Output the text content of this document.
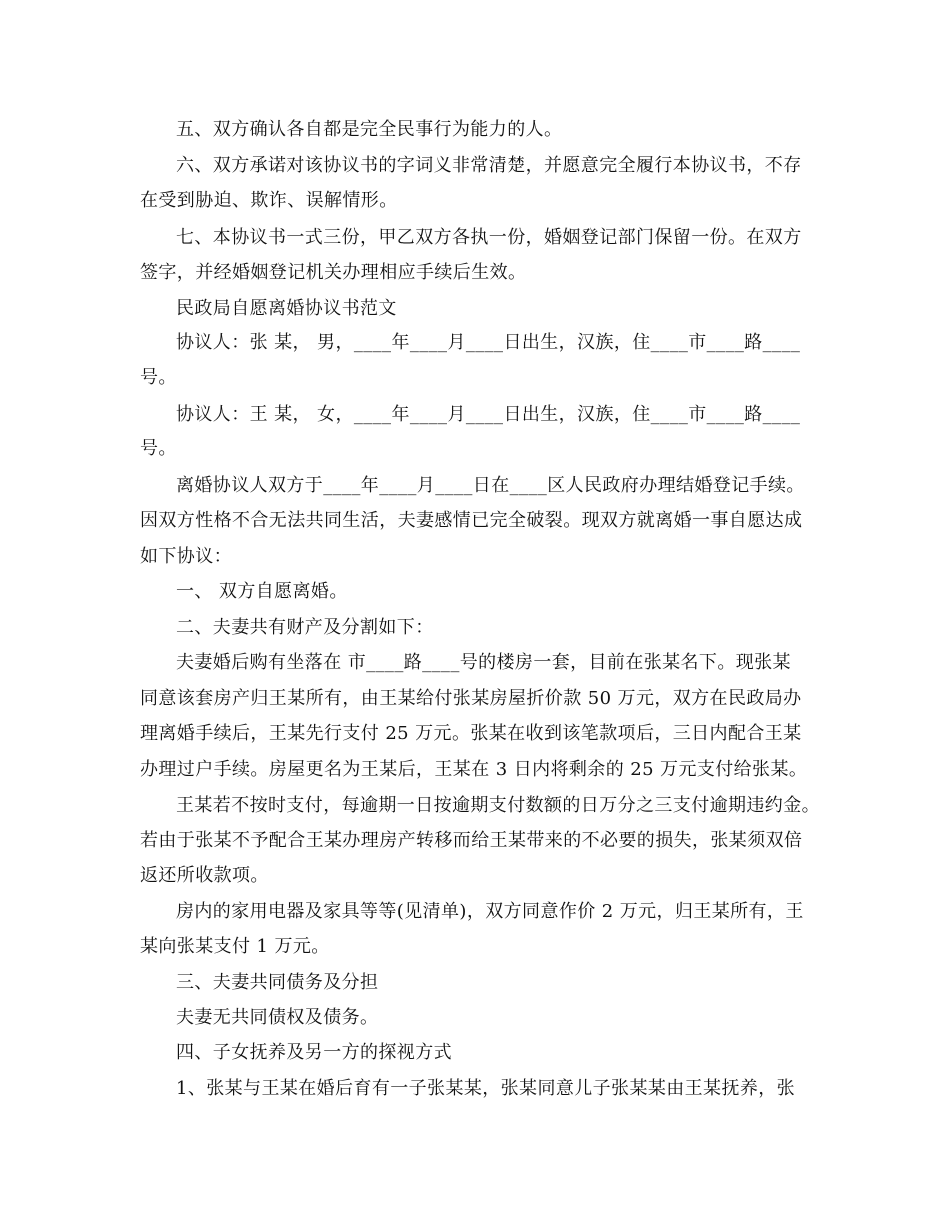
五、双方确认各自都是完全民事行为能力的人。
六、双方承诺对该协议书的字词义非常清楚，并愿意完全履行本协议书，不存
在受到胁迫、欺诈、误解情形。
七、本协议书一式三份，甲乙双方各执一份，婚姻登记部门保留一份。在双方
签字，并经婚姻登记机关办理相应手续后生效。
民政局自愿离婚协议书范文
协议人：张 某， 男，____年____月____日出生，汉族，住____市____路____
号。
协议人：王 某， 女，____年____月____日出生，汉族，住____市____路____
号。
离婚协议人双方于____年____月____日在____区人民政府办理结婚登记手续。
因双方性格不合无法共同生活，夫妻感情已完全破裂。现双方就离婚一事自愿达成
如下协议：
一、 双方自愿离婚。
二、夫妻共有财产及分割如下：
夫妻婚后购有坐落在 市____路____号的楼房一套，目前在张某名下。现张某
同意该套房产归王某所有，由王某给付张某房屋折价款 50 万元，双方在民政局办
理离婚手续后，王某先行支付 25 万元。张某在收到该笔款项后，三日内配合王某
办理过户手续。房屋更名为王某后，王某在 3 日内将剩余的 25 万元支付给张某。
王某若不按时支付，每逾期一日按逾期支付数额的日万分之三支付逾期违约金。
若由于张某不予配合王某办理房产转移而给王某带来的不必要的损失，张某须双倍
返还所收款项。
房内的家用电器及家具等等(见清单)，双方同意作价 2 万元，归王某所有，王
某向张某支付 1 万元。
三、夫妻共同债务及分担
夫妻无共同债权及债务。
四、子女抚养及另一方的探视方式
1、张某与王某在婚后育有一子张某某，张某同意儿子张某某由王某抚养，张
